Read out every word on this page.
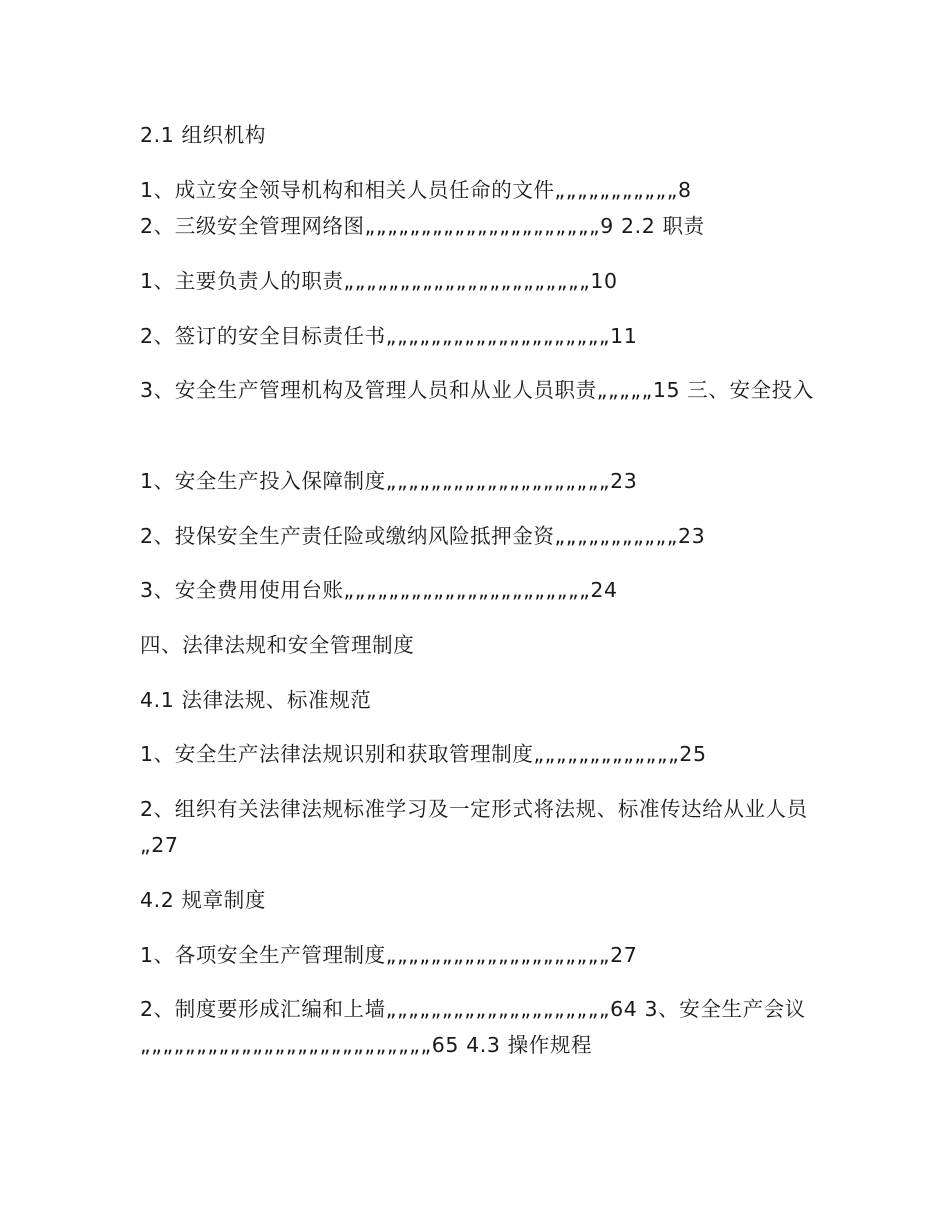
2.1 组织机构
1、成立安全领导机构和相关人员任命的文件„„„„„„„„„„„8
2、三级安全管理网络图„„„„„„„„„„„„„„„„„„„„„9 2.2 职责
1、主要负责人的职责„„„„„„„„„„„„„„„„„„„„„„10
2、签订的安全目标责任书„„„„„„„„„„„„„„„„„„„„11
3、安全生产管理机构及管理人员和从业人员职责„„„„„15 三、安全投入
1、安全生产投入保障制度„„„„„„„„„„„„„„„„„„„„23
2、投保安全生产责任险或缴纳风险抵押金资„„„„„„„„„„„23
3、安全费用使用台账„„„„„„„„„„„„„„„„„„„„„„24
四、法律法规和安全管理制度
4.1 法律法规、标准规范
1、安全生产法律法规识别和获取管理制度„„„„„„„„„„„„„25
2、组织有关法律法规标准学习及一定形式将法规、标准传达给从业人员„27
4.2 规章制度
1、各项安全生产管理制度„„„„„„„„„„„„„„„„„„„„27
2、制度要形成汇编和上墙„„„„„„„„„„„„„„„„„„„„64 3、安全生产会议„„„„„„„„„„„„„„„„„„„„„„„„„„65 4.3 操作规程
